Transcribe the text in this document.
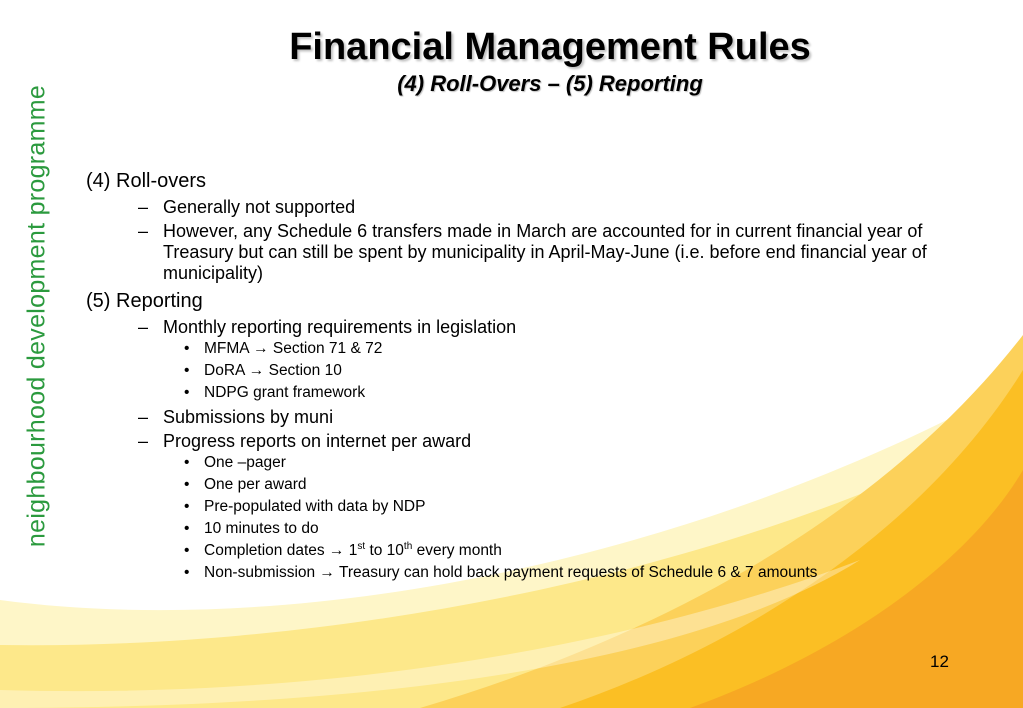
neighbourhood development programme
Financial Management Rules
(4) Roll-Overs – (5) Reporting
(4) Roll-overs
– Generally not supported
– However, any Schedule 6 transfers made in March are accounted for in current financial year of Treasury but can still be spent by municipality in April-May-June (i.e. before end financial year of municipality)
(5) Reporting
– Monthly reporting requirements in legislation
• MFMA → Section 71 & 72
• DoRA → Section 10
• NDPG grant framework
– Submissions by muni
– Progress reports on internet per award
• One –pager
• One per award
• Pre-populated with data by NDP
• 10 minutes to do
• Completion dates → 1st to 10th every month
• Non-submission → Treasury can hold back payment requests of Schedule 6 & 7 amounts
12
